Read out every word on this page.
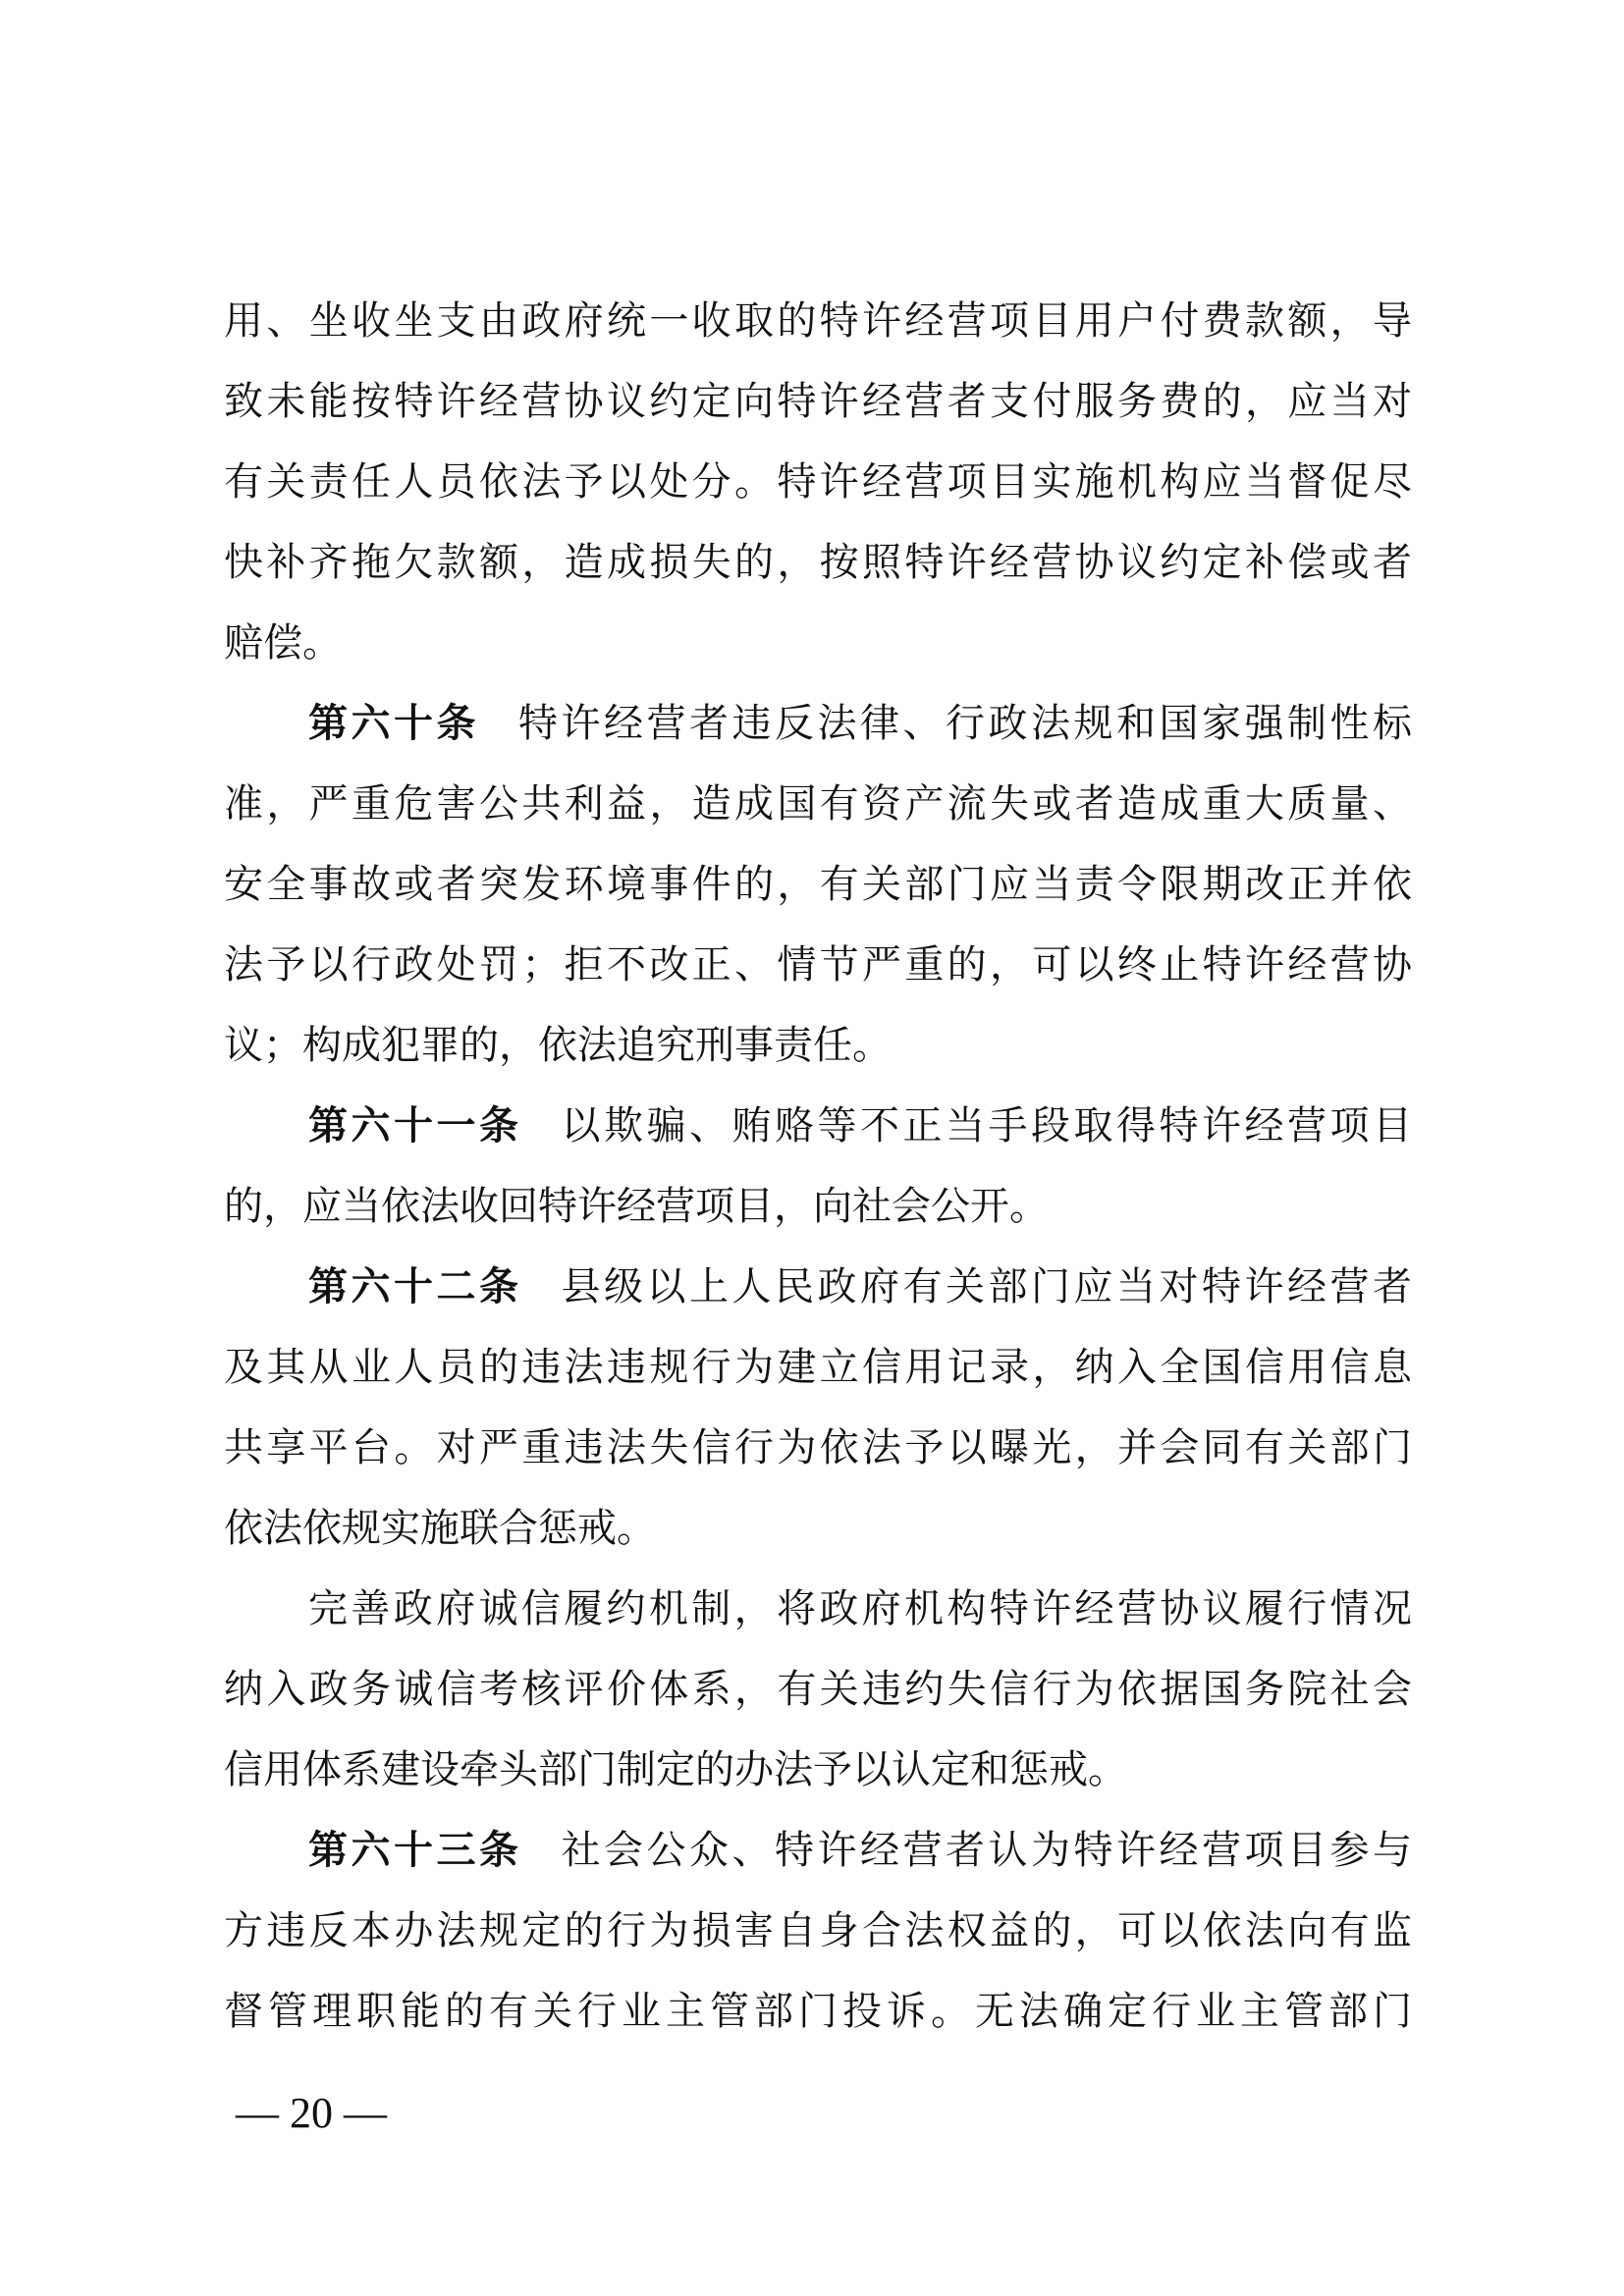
用、坐收坐支由政府统一收取的特许经营项目用户付费款额，导
致未能按特许经营协议约定向特许经营者支付服务费的，应当对
有关责任人员依法予以处分。特许经营项目实施机构应当督促尽
快补齐拖欠款额，造成损失的，按照特许经营协议约定补偿或者
赔偿。
第六十条 特许经营者违反法律、行政法规和国家强制性标
准，严重危害公共利益，造成国有资产流失或者造成重大质量、
安全事故或者突发环境事件的，有关部门应当责令限期改正并依
法予以行政处罚；拒不改正、情节严重的，可以终止特许经营协
议；构成犯罪的，依法追究刑事责任。
第六十一条 以欺骗、贿赂等不正当手段取得特许经营项目
的，应当依法收回特许经营项目，向社会公开。
第六十二条 县级以上人民政府有关部门应当对特许经营者
及其从业人员的违法违规行为建立信用记录，纳入全国信用信息
共享平台。对严重违法失信行为依法予以曝光，并会同有关部门
依法依规实施联合惩戒。
完善政府诚信履约机制，将政府机构特许经营协议履行情况
纳入政务诚信考核评价体系，有关违约失信行为依据国务院社会
信用体系建设牵头部门制定的办法予以认定和惩戒。
第六十三条 社会公众、特许经营者认为特许经营项目参与
方违反本办法规定的行为损害自身合法权益的，可以依法向有监
督管理职能的有关行业主管部门投诉。无法确定行业主管部门
— 20 —
